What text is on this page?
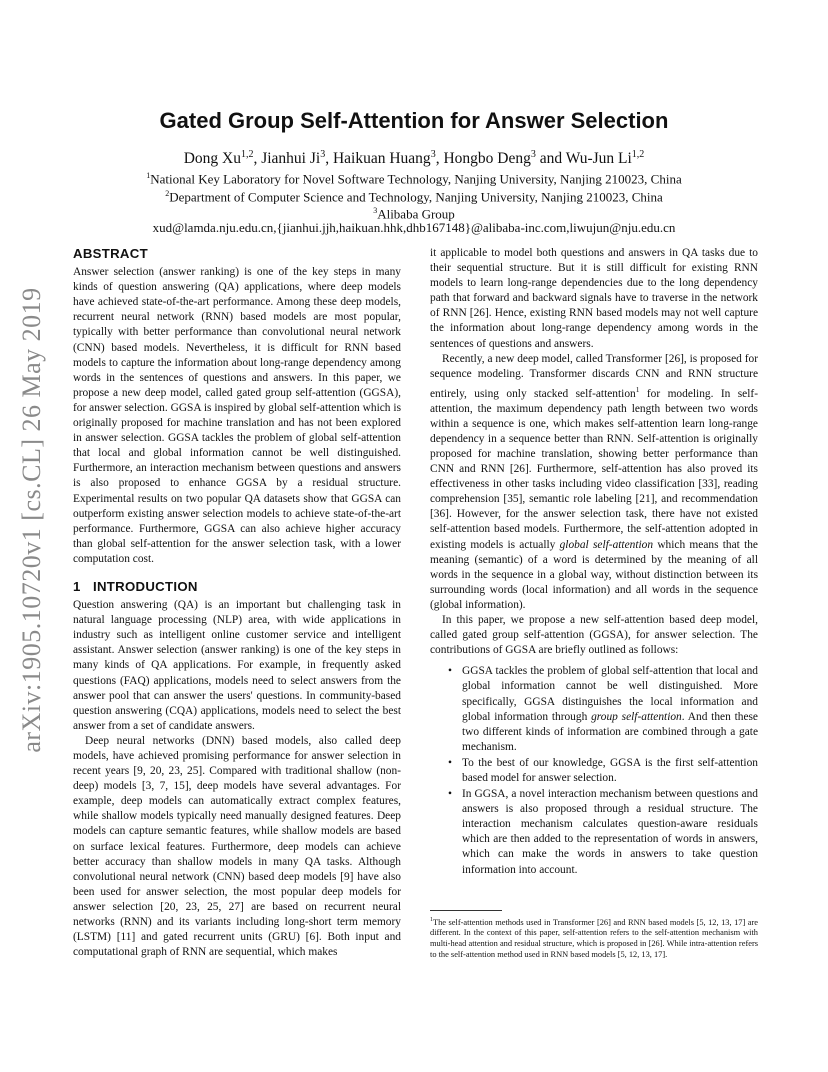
arXiv:1905.10720v1 [cs.CL] 26 May 2019
Gated Group Self-Attention for Answer Selection
Dong Xu$^{1,2}$, Jianhui Ji$^3$, Haikuan Huang$^3$, Hongbo Deng$^3$ and Wu-Jun Li$^{1,2}$
$^1$National Key Laboratory for Novel Software Technology, Nanjing University, Nanjing 210023, China
$^2$Department of Computer Science and Technology, Nanjing University, Nanjing 210023, China
$^3$Alibaba Group
xud@lamda.nju.edu.cn,{jianhui.jjh,haikuan.hhk,dhb167148}@alibaba-inc.com,liwujun@nju.edu.cn
ABSTRACT

Answer selection (answer ranking) is one of the key steps in many kinds of question answering (QA) applications, where deep models have achieved state-of-the-art performance. Among these deep models, recurrent neural network (RNN) based models are most popular, typically with better performance than convolutional neural network (CNN) based models. Nevertheless, it is difficult for RNN based models to capture the information about long-range dependency among words in the sentences of questions and answers. In this paper, we propose a new deep model, called gated group self-attention (GGSA), for answer selection. GGSA is inspired by global self-attention which is originally proposed for machine translation and has not been explored in answer selection. GGSA tackles the problem of global self-attention that local and global information cannot be well distinguished. Furthermore, an interaction mechanism between questions and answers is also proposed to enhance GGSA by a residual structure. Experimental results on two popular QA datasets show that GGSA can outperform existing answer selection models to achieve state-of-the-art performance. Furthermore, GGSA can also achieve higher accuracy than global self-attention for the answer selection task, with a lower computation cost.

1 INTRODUCTION

Question answering (QA) is an important but challenging task in natural language processing (NLP) area, with wide applications in industry such as intelligent online customer service and intelligent assistant. Answer selection (answer ranking) is one of the key steps in many kinds of QA applications. For example, in frequently asked questions (FAQ) applications, models need to select answers from the answer pool that can answer the users' questions. In community-based question answering (CQA) applications, models need to select the best answer from a set of candidate answers.

Deep neural networks (DNN) based models, also called deep models, have achieved promising performance for answer selection in recent years [9, 20, 23, 25]. Compared with traditional shallow (non-deep) models [3, 7, 15], deep models have several advantages. For example, deep models can automatically extract complex features, while shallow models typically need manually designed features. Deep models can capture semantic features, while shallow models are based on surface lexical features. Furthermore, deep models can achieve better accuracy than shallow models in many QA tasks. Although convolutional neural network (CNN) based deep models [9] have also been used for answer selection, the most popular deep models for answer selection [20, 23, 25, 27] are based on recurrent neural networks (RNN) and its variants including long-short term memory (LSTM) [11] and gated recurrent units (GRU) [6]. Both input and computational graph of RNN are sequential, which makes

it applicable to model both questions and answers in QA tasks due to their sequential structure. But it is still difficult for existing RNN models to learn long-range dependencies due to the long dependency path that forward and backward signals have to traverse in the network of RNN [26]. Hence, existing RNN based models may not well capture the information about long-range dependency among words in the sentences of questions and answers.

Recently, a new deep model, called Transformer [26], is proposed for sequence modeling. Transformer discards CNN and RNN structure entirely, using only stacked self-attention$^1$ for modeling. In self-attention, the maximum dependency path length between two words within a sequence is one, which makes self-attention learn long-range dependency in a sequence better than RNN. Self-attention is originally proposed for machine translation, showing better performance than CNN and RNN [26]. Furthermore, self-attention has also proved its effectiveness in other tasks including video classification [33], reading comprehension [35], semantic role labeling [21], and recommendation [36]. However, for the answer selection task, there have not existed self-attention based models. Furthermore, the self-attention adopted in existing models is actually global self-attention which means that the meaning (semantic) of a word is determined by the meaning of all words in the sequence in a global way, without distinction between its surrounding words (local information) and all words in the sequence (global information).

In this paper, we propose a new self-attention based deep model, called gated group self-attention (GGSA), for answer selection. The contributions of GGSA are briefly outlined as follows:

• GGSA tackles the problem of global self-attention that local and global information cannot be well distinguished. More specifically, GGSA distinguishes the local information and global information through group self-attention. And then these two different kinds of information are combined through a gate mechanism.
• To the best of our knowledge, GGSA is the first self-attention based model for answer selection.
• In GGSA, a novel interaction mechanism between questions and answers is also proposed through a residual structure. The interaction mechanism calculates question-aware residuals which are then added to the representation of words in answers, which can make the words in answers to take question information into account.
$^1$The self-attention methods used in Transformer [26] and RNN based models [5, 12, 13, 17] are different. In the context of this paper, self-attention refers to the self-attention mechanism with multi-head attention and residual structure, which is proposed in [26]. While intra-attention refers to the self-attention method used in RNN based models [5, 12, 13, 17].
